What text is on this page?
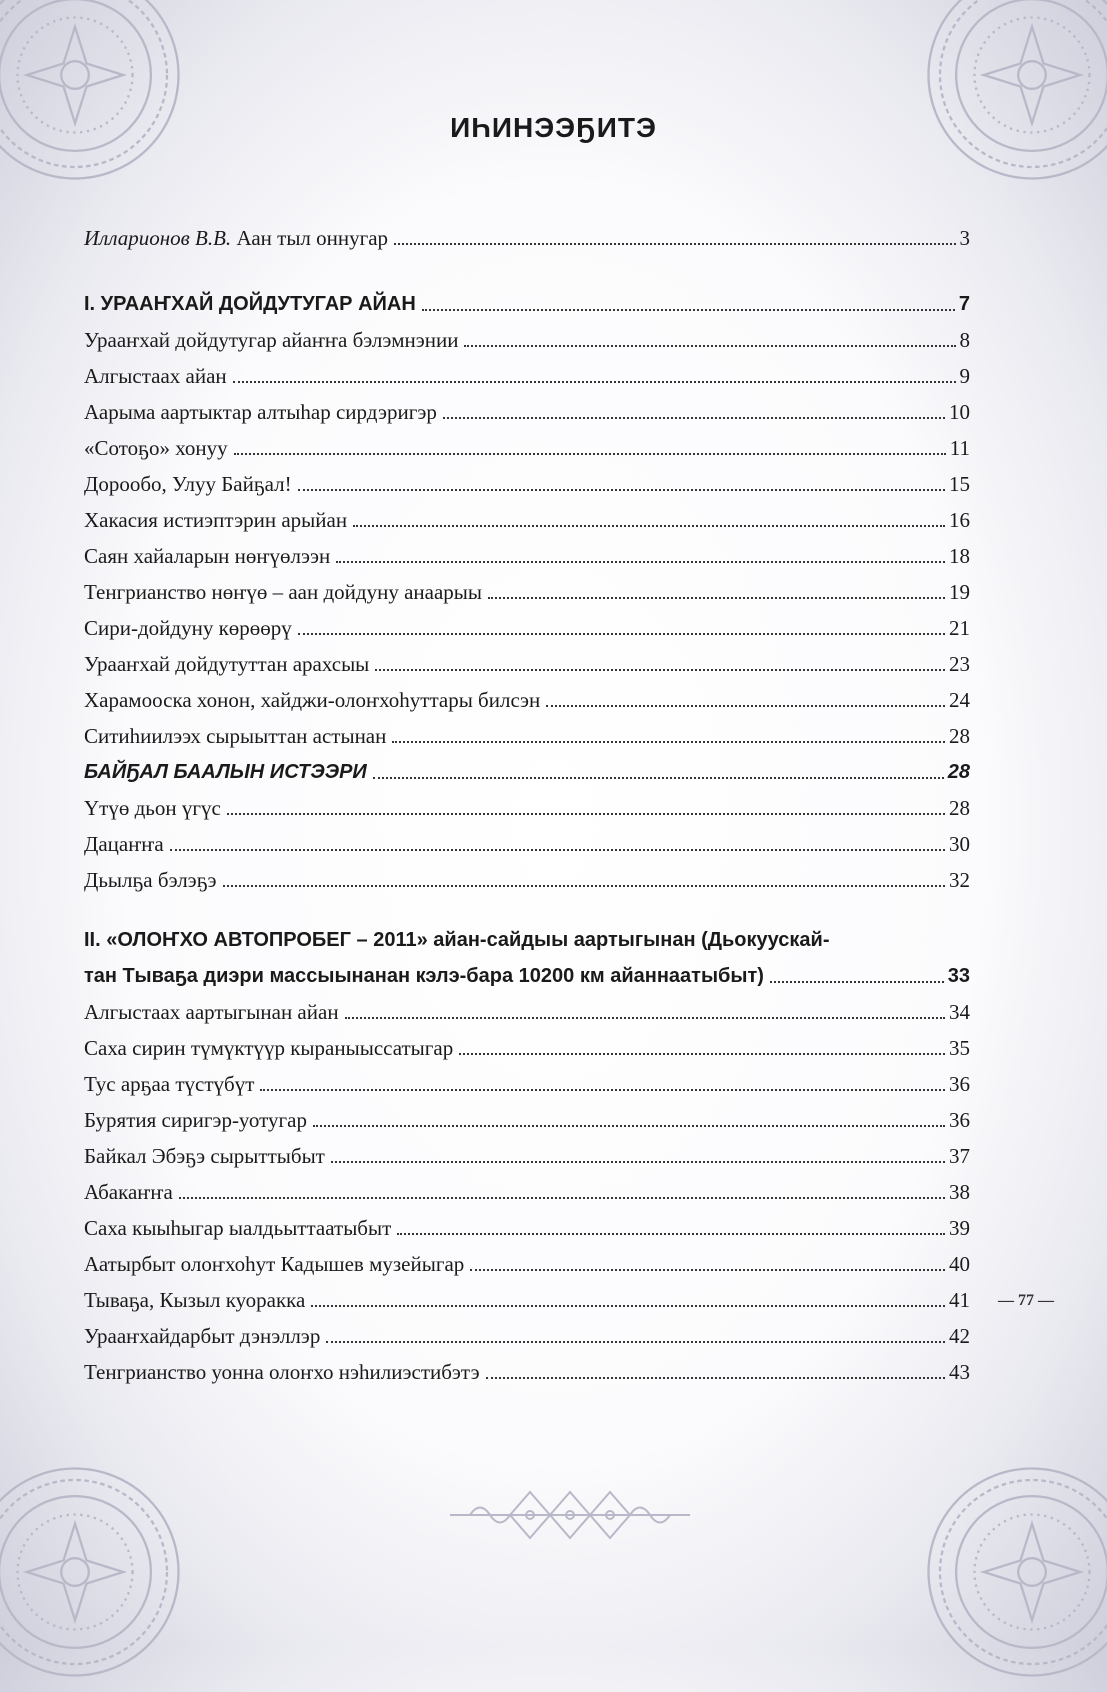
ИҺИНЭЭҔИТЭ
Илларионов В.В. Аан тыл оннугар	3
I. УРААҤХАЙ ДОЙДУТУГАР АЙАН	7
Урааҥхай дойдутугар айаҥҥа бэлэмнэнии	8
Алгыстаах айан	9
Аарыма аартыктар алтыһар сирдэригэр	10
«Сотоҕо» хонуу	11
Дорообо, Улуу Байҕал!	15
Хакасия истиэптэрин арыйан	16
Саян хайаларын нөҥүөлээн	18
Тенгрианство нөҥүө – аан дойдуну анаарыы	19
Сири-дойдуну көрөөрү	21
Урааҥхай дойдутуттан арахсыы	23
Харамооска хонон, хайджи-олоҥхоһуттары билсэн	24
Ситиһиилээх сырыыттан астынан	28
БАЙҔАЛ БААЛЫН ИСТЭЭРИ	28
Үтүө дьон үгүс	28
Дацаҥҥа	30
Дьылҕа бэлэҕэ	32
II. «ОЛОҤХО АВТОПРОБЕГ – 2011» айан-сайдыы аартыгынан (Дьокуускай-
тан Тываҕа диэри массыынанан кэлэ-бара 10200 км айаннаатыбыт)	33
Алгыстаах аартыгынан айан	34
Саха сирин түмүктүүр кыраныыссатыгар	35
Тус арҕаа түстүбүт	36
Бурятия сиригэр-уотугар	36
Байкал Эбэҕэ сырыттыбыт	37
Абакаҥҥа	38
Саха кыыһыгар ыалдьыттаатыбыт	39
Аатырбыт олоҥхоһут Кадышев музейыгар	40
Тываҕа, Кызыл куоракка	41
Урааҥхайдарбыт дэнэллэр	42
Тенгрианство уонна олоҥхо нэһилиэстибэтэ	43
— 77 —
